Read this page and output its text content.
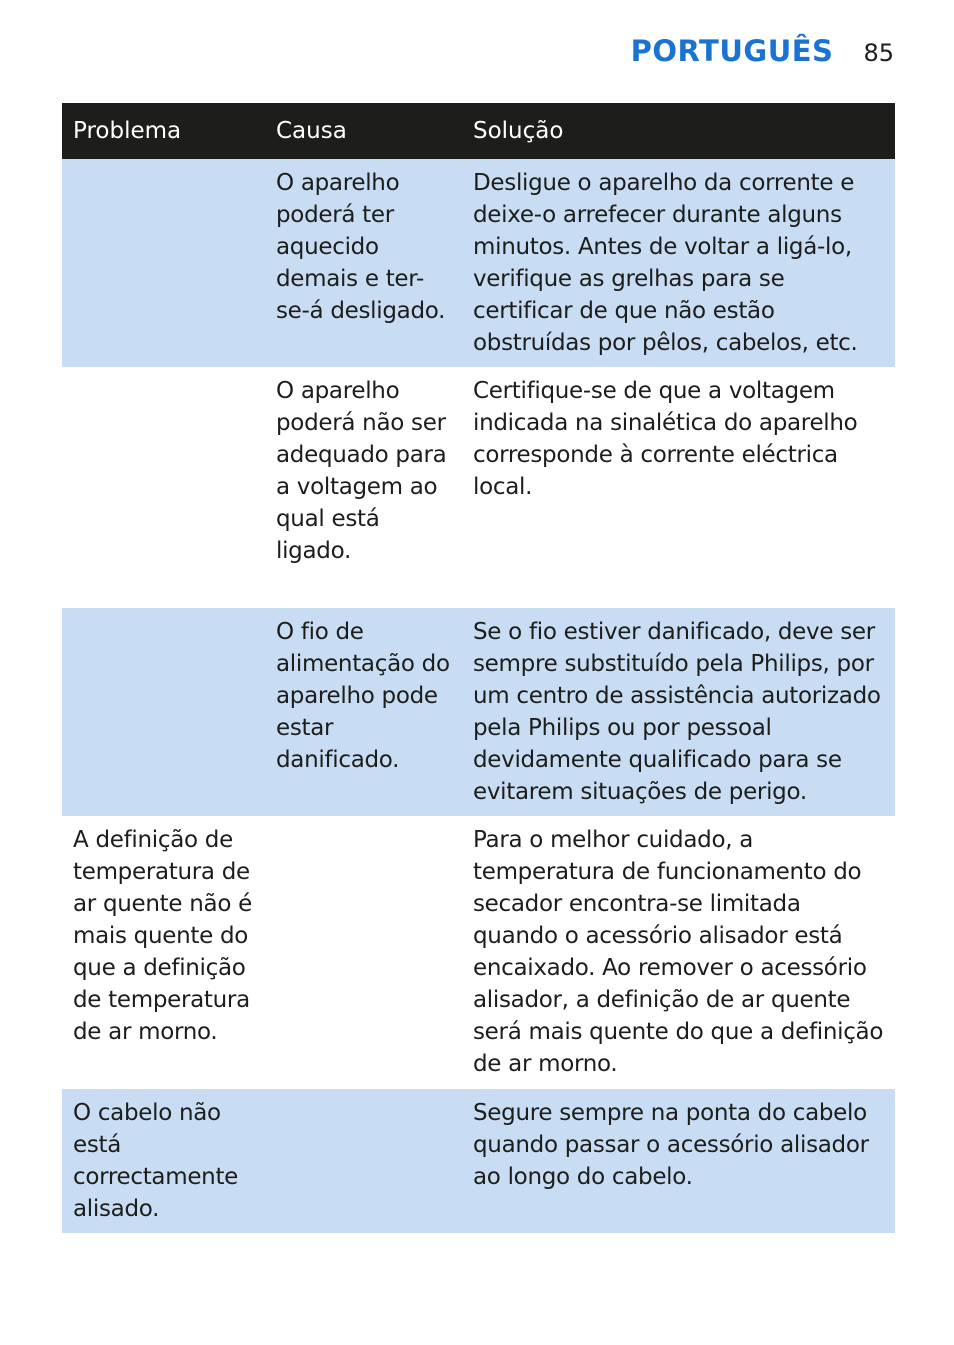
PORTUGUÊS 85
Problema	Causa	Solução
	O aparelho poderá ter aquecido demais e ter-se-á desligado.	Desligue o aparelho da corrente e deixe-o arrefecer durante alguns minutos. Antes de voltar a ligá-lo, verifique as grelhas para se certificar de que não estão obstruídas por pêlos, cabelos, etc.
	O aparelho poderá não ser adequado para a voltagem ao qual está ligado.	Certifique-se de que a voltagem indicada na sinalética do aparelho corresponde à corrente eléctrica local.
	O fio de alimentação do aparelho pode estar danificado.	Se o fio estiver danificado, deve ser sempre substituído pela Philips, por um centro de assistência autorizado pela Philips ou por pessoal devidamente qualificado para se evitarem situações de perigo.
A definição de temperatura de ar quente não é mais quente do que a definição de temperatura de ar morno.		Para o melhor cuidado, a temperatura de funcionamento do secador encontra-se limitada quando o acessório alisador está encaixado. Ao remover o acessório alisador, a definição de ar quente será mais quente do que a definição de ar morno.
O cabelo não está correctamente alisado.		Segure sempre na ponta do cabelo quando passar o acessório alisador ao longo do cabelo.
